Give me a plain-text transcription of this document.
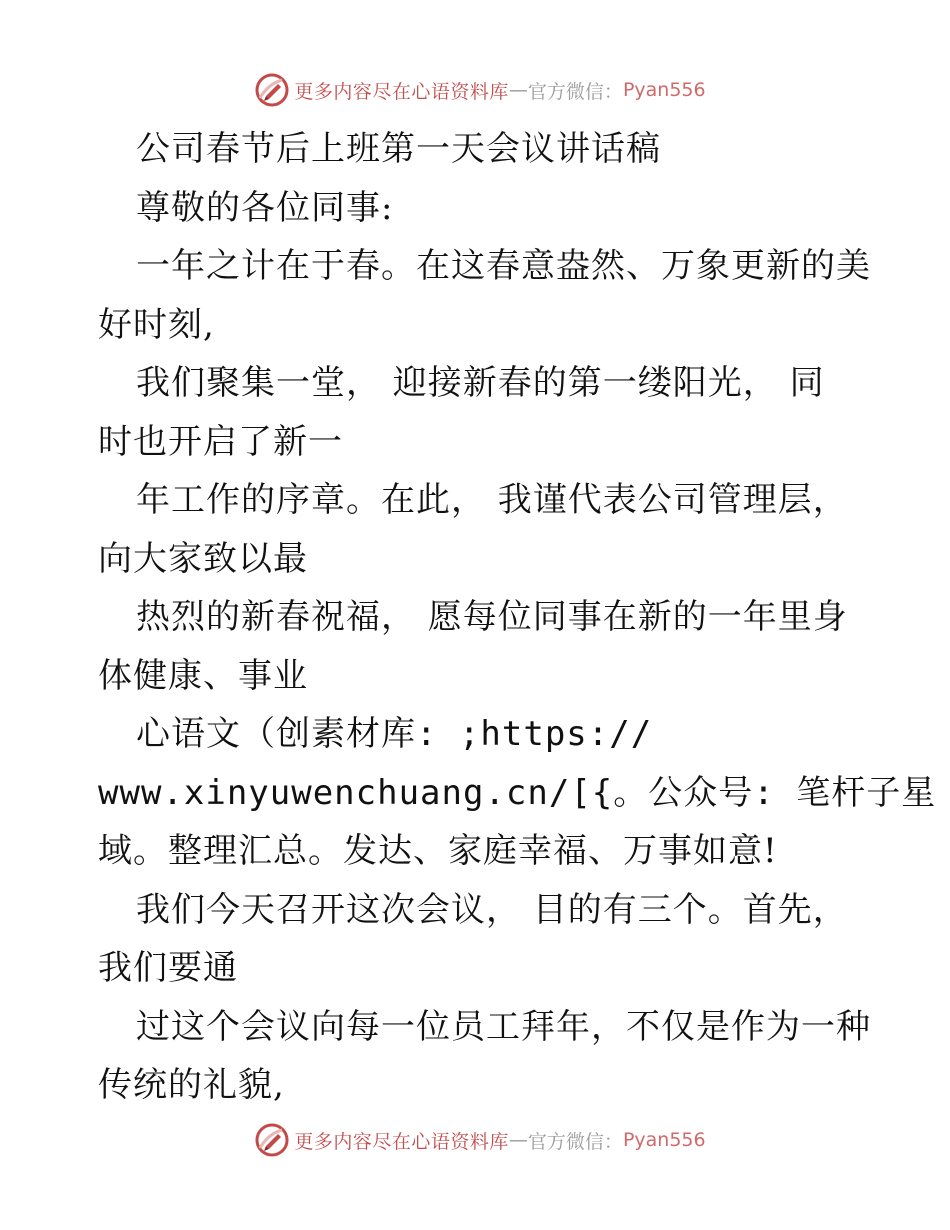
更多内容尽在心语资料库 — 官方微信： Pyan556
公司春节后上班第一天会议讲话稿
尊敬的各位同事:
一年之计在于春。在这春意盎然、万象更新的美
好时刻,
我们聚集一堂， 迎接新春的第一缕阳光， 同
时也开启了新一
年工作的序章。在此， 我谨代表公司管理层，
向大家致以最
热烈的新春祝福， 愿每位同事在新的一年里身
体健康、事业
心语文（创素材库: ;https://
www.xinyuwenchuang.cn/[{。公众号: 笔杆子星
域。整理汇总。发达、家庭幸福、万事如意!
我们今天召开这次会议， 目的有三个。首先，
我们要通
过这个会议向每一位员工拜年，不仅是作为一种
传统的礼貌,
更多内容尽在心语资料库 — 官方微信： Pyan556
